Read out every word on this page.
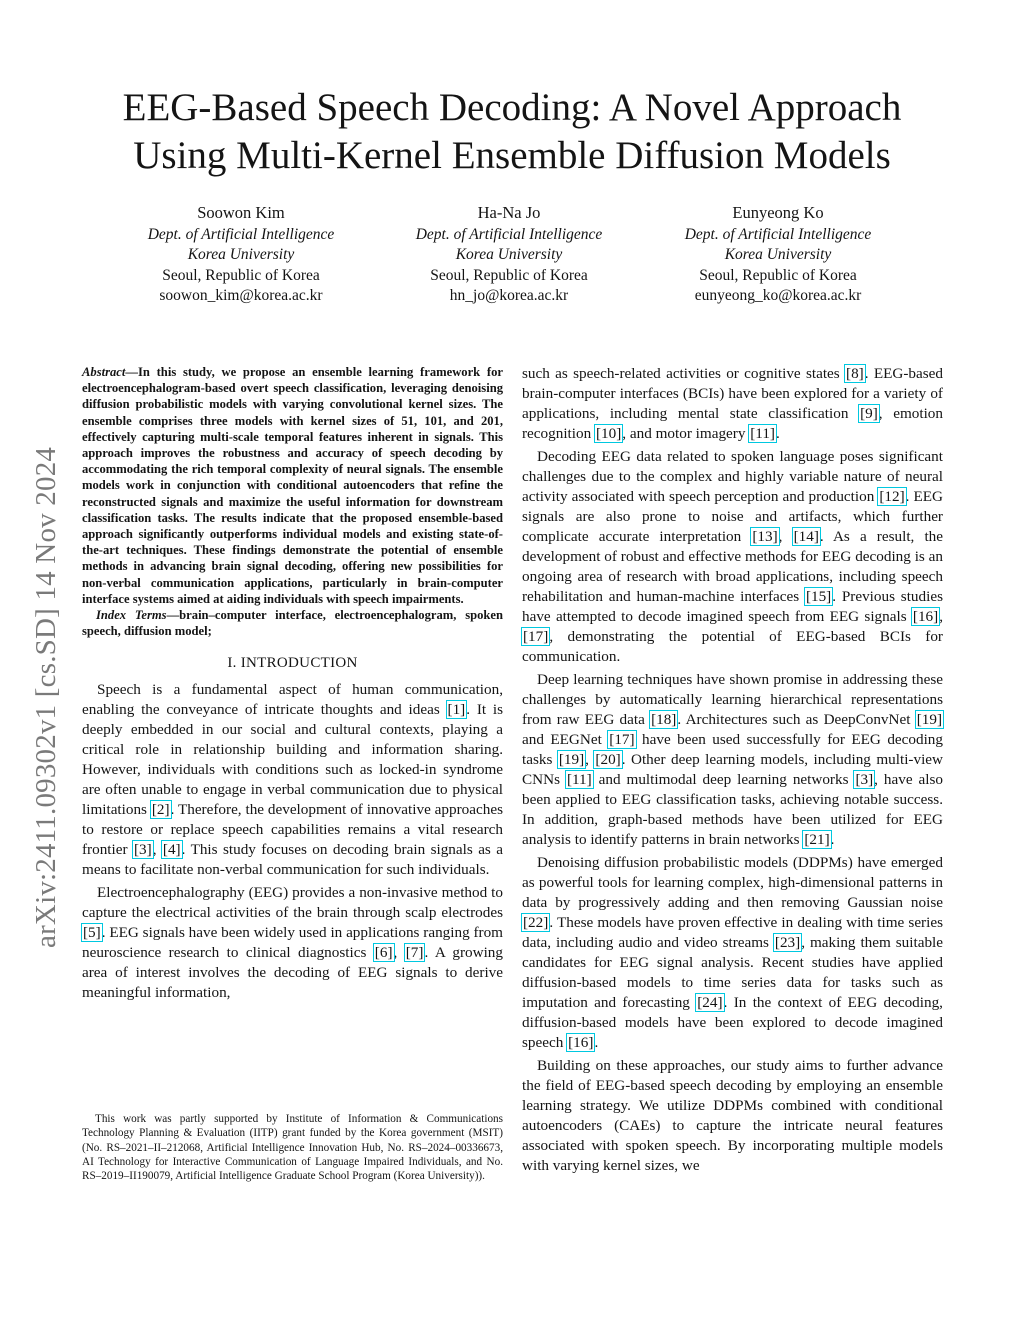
EEG-Based Speech Decoding: A Novel Approach
Using Multi-Kernel Ensemble Diffusion Models
Soowon Kim
Dept. of Artificial Intelligence
Korea University
Seoul, Republic of Korea
soowon_kim@korea.ac.kr
Ha-Na Jo
Dept. of Artificial Intelligence
Korea University
Seoul, Republic of Korea
hn_jo@korea.ac.kr
Eunyeong Ko
Dept. of Artificial Intelligence
Korea University
Seoul, Republic of Korea
eunyeong_ko@korea.ac.kr
arXiv:2411.09302v1 [cs.SD] 14 Nov 2024

Abstract—In this study, we propose an ensemble learning framework for electroencephalogram-based overt speech classification, leveraging denoising diffusion probabilistic models with varying convolutional kernel sizes. The ensemble comprises three models with kernel sizes of 51, 101, and 201, effectively capturing multi-scale temporal features inherent in signals. This approach improves the robustness and accuracy of speech decoding by accommodating the rich temporal complexity of neural signals. The ensemble models work in conjunction with conditional autoencoders that refine the reconstructed signals and maximize the useful information for downstream classification tasks. The results indicate that the proposed ensemble-based approach significantly outperforms individual models and existing state-of-the-art techniques. These findings demonstrate the potential of ensemble methods in advancing brain signal decoding, offering new possibilities for non-verbal communication applications, particularly in brain-computer interface systems aimed at aiding individuals with speech impairments.

Index Terms—brain–computer interface, electroencephalogram, spoken speech, diffusion model;

I. INTRODUCTION

Speech is a fundamental aspect of human communication, enabling the conveyance of intricate thoughts and ideas [1]. It is deeply embedded in our social and cultural contexts, playing a critical role in relationship building and information sharing. However, individuals with conditions such as locked-in syndrome are often unable to engage in verbal communication due to physical limitations [2]. Therefore, the development of innovative approaches to restore or replace speech capabilities remains a vital research frontier [3], [4]. This study focuses on decoding brain signals as a means to facilitate non-verbal communication for such individuals.

Electroencephalography (EEG) provides a non-invasive method to capture the electrical activities of the brain through scalp electrodes [5]. EEG signals have been widely used in applications ranging from neuroscience research to clinical diagnostics [6], [7]. A growing area of interest involves the decoding of EEG signals to derive meaningful information,

This work was partly supported by Institute of Information & Communications Technology Planning & Evaluation (IITP) grant funded by the Korea government (MSIT) (No. RS–2021–II–212068, Artificial Intelligence Innovation Hub, No. RS–2024–00336673, AI Technology for Interactive Communication of Language Impaired Individuals, and No. RS–2019–II190079, Artificial Intelligence Graduate School Program (Korea University)).

such as speech-related activities or cognitive states [8]. EEG-based brain-computer interfaces (BCIs) have been explored for a variety of applications, including mental state classification [9], emotion recognition [10], and motor imagery [11].

Decoding EEG data related to spoken language poses significant challenges due to the complex and highly variable nature of neural activity associated with speech perception and production [12]. EEG signals are also prone to noise and artifacts, which further complicate accurate interpretation [13], [14]. As a result, the development of robust and effective methods for EEG decoding is an ongoing area of research with broad applications, including speech rehabilitation and human-machine interfaces [15]. Previous studies have attempted to decode imagined speech from EEG signals [16], [17], demonstrating the potential of EEG-based BCIs for communication.

Deep learning techniques have shown promise in addressing these challenges by automatically learning hierarchical representations from raw EEG data [18]. Architectures such as DeepConvNet [19] and EEGNet [17] have been used successfully for EEG decoding tasks [19], [20]. Other deep learning models, including multi-view CNNs [11] and multimodal deep learning networks [3], have also been applied to EEG classification tasks, achieving notable success. In addition, graph-based methods have been utilized for EEG analysis to identify patterns in brain networks [21].

Denoising diffusion probabilistic models (DDPMs) have emerged as powerful tools for learning complex, high-dimensional patterns in data by progressively adding and then removing Gaussian noise [22]. These models have proven effective in dealing with time series data, including audio and video streams [23], making them suitable candidates for EEG signal analysis. Recent studies have applied diffusion-based models to time series data for tasks such as imputation and forecasting [24]. In the context of EEG decoding, diffusion-based models have been explored to decode imagined speech [16].

Building on these approaches, our study aims to further advance the field of EEG-based speech decoding by employing an ensemble learning strategy. We utilize DDPMs combined with conditional autoencoders (CAEs) to capture the intricate neural features associated with spoken speech. By incorporating multiple models with varying kernel sizes, we
